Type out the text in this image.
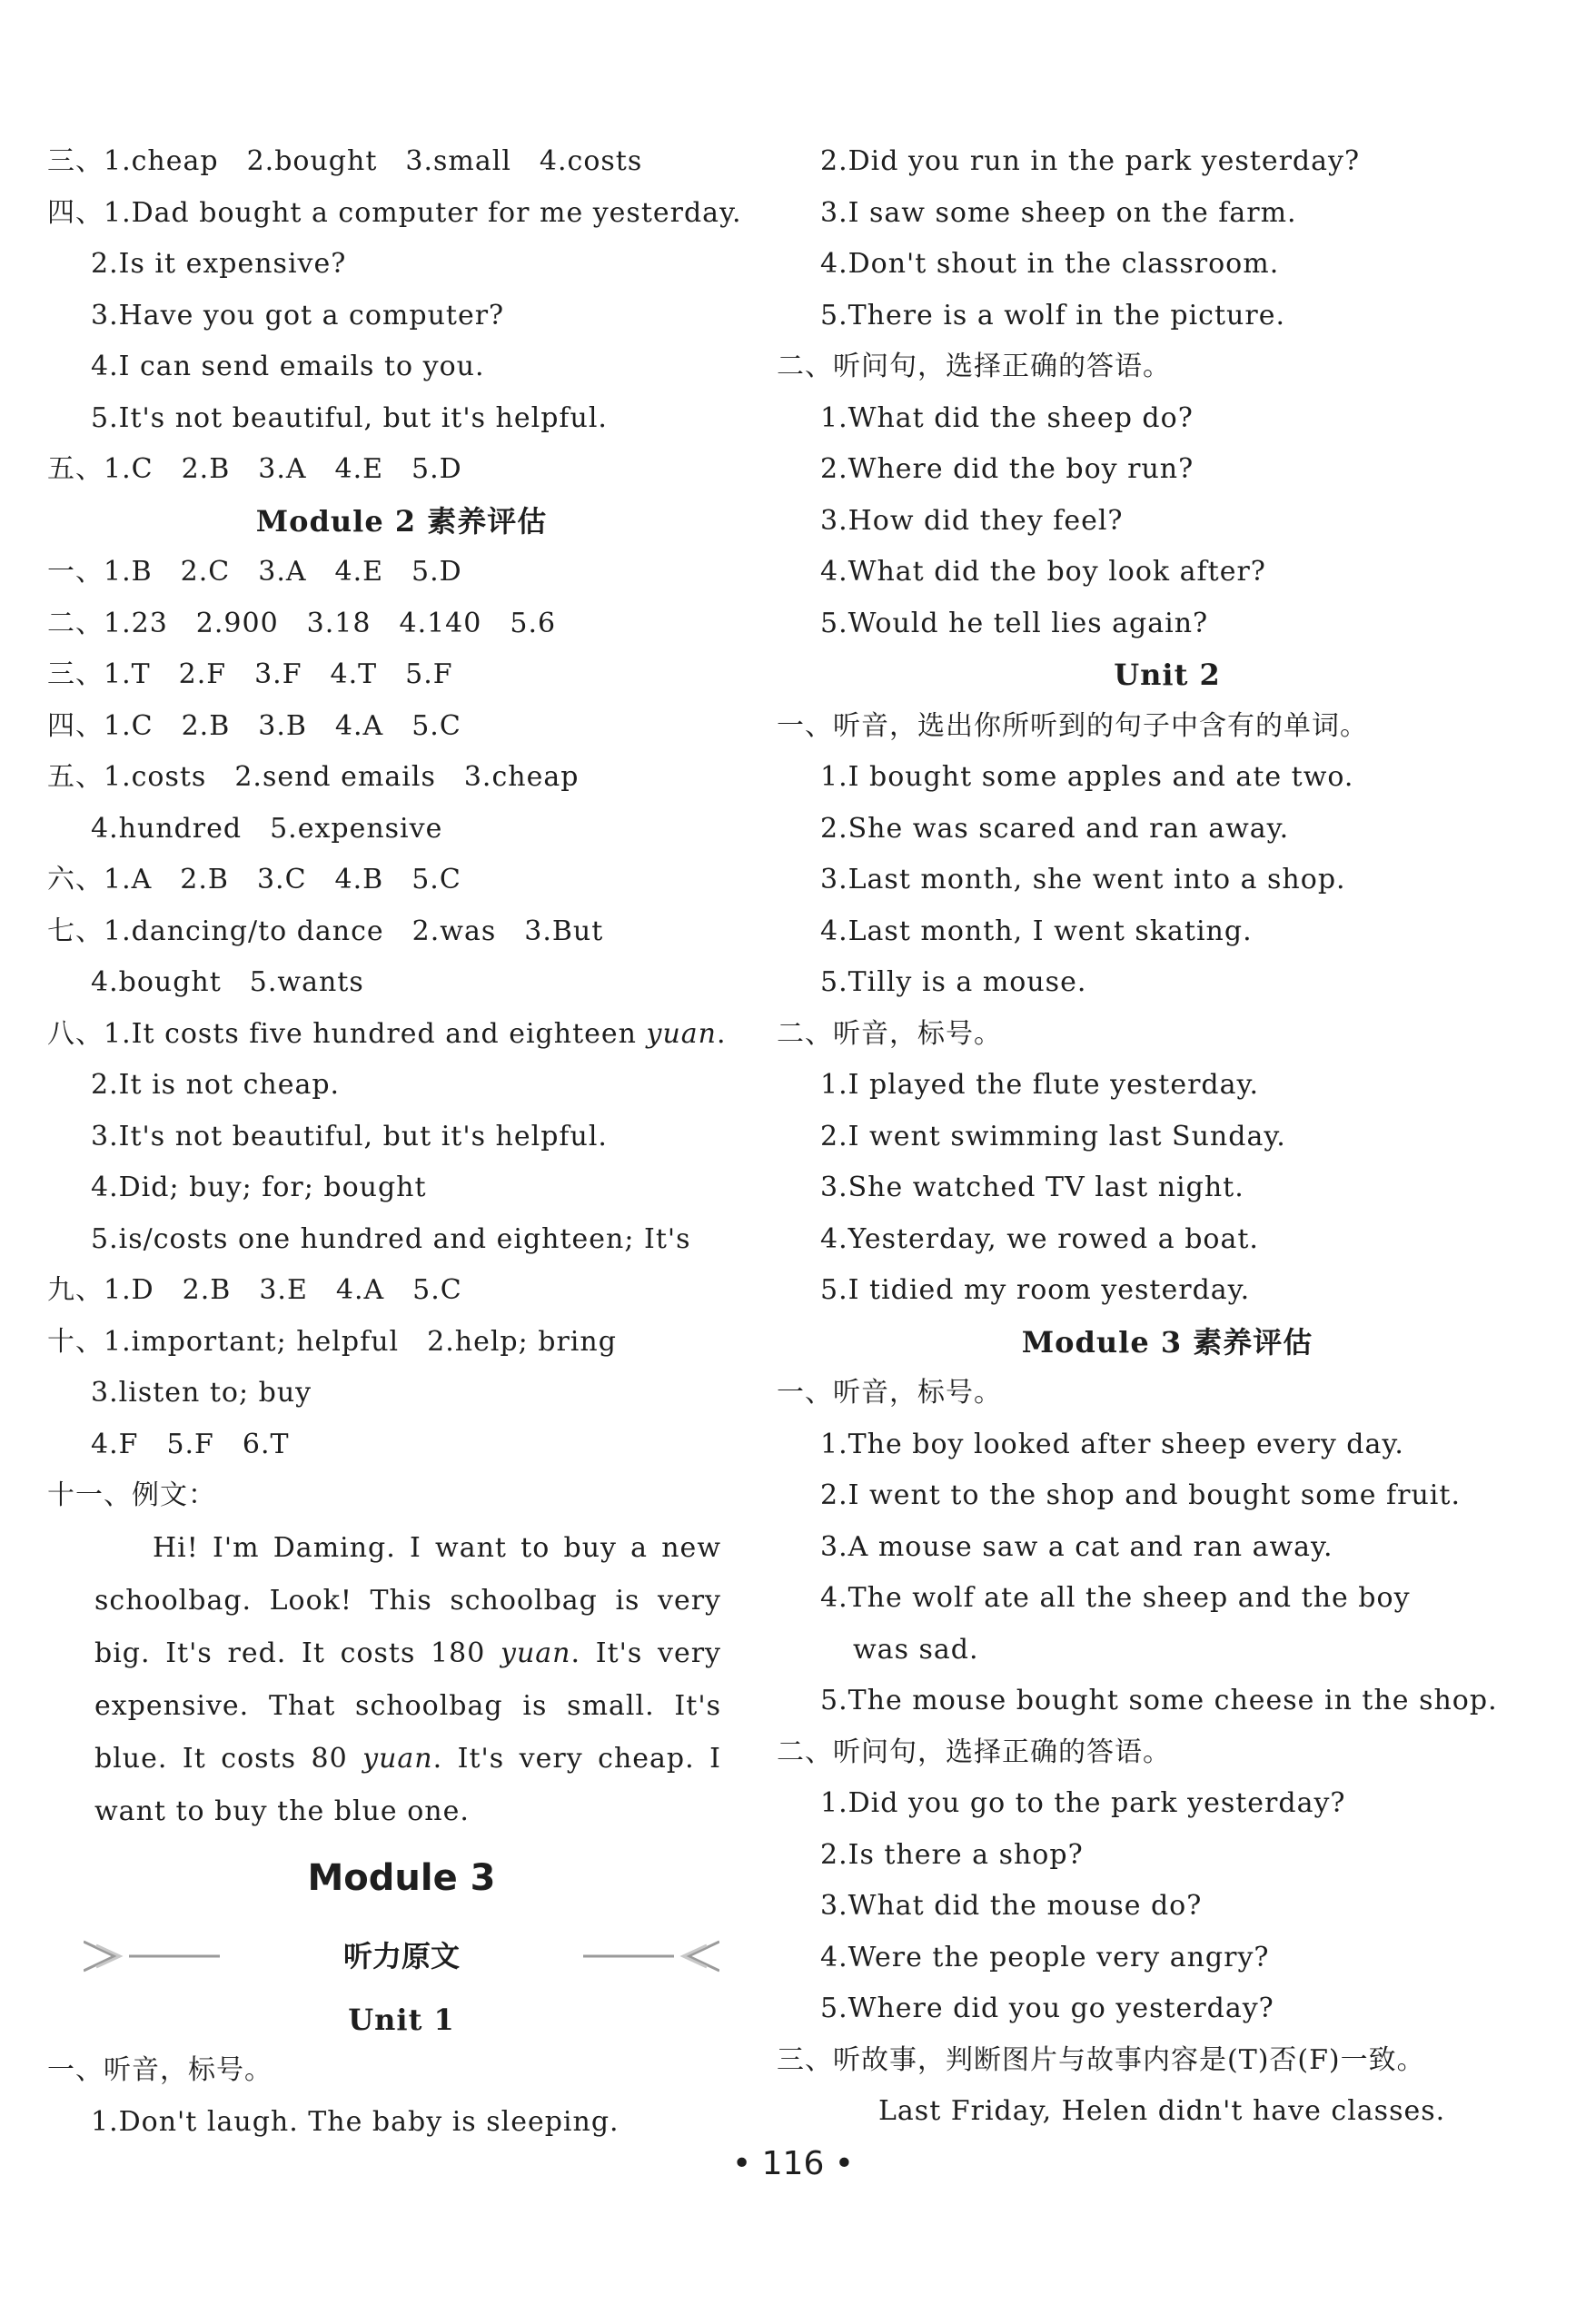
三、1.cheap　2.bought　3.small　4.costs
四、1.Dad bought a computer for me yesterday.
2.Is it expensive?
3.Have you got a computer?
4.I can send emails to you.
5.It's not beautiful, but it's helpful.
五、1.C　2.B　3.A　4.E　5.D
Module 2 素养评估
一、1.B　2.C　3.A　4.E　5.D
二、1.23　2.900　3.18　4.140　5.6
三、1.T　2.F　3.F　4.T　5.F
四、1.C　2.B　3.B　4.A　5.C
五、1.costs　2.send emails　3.cheap
4.hundred　5.expensive
六、1.A　2.B　3.C　4.B　5.C
七、1.dancing/to dance　2.was　3.But
4.bought　5.wants
八、1.It costs five hundred and eighteen yuan.
2.It is not cheap.
3.It's not beautiful, but it's helpful.
4.Did; buy; for; bought
5.is/costs one hundred and eighteen; It's
九、1.D　2.B　3.E　4.A　5.C
十、1.important; helpful　2.help; bring
3.listen to; buy
4.F　5.F　6.T
十一、例文：
Hi! I'm Daming. I want to buy a new schoolbag. Look! This schoolbag is very big. It's red. It costs 180 yuan. It's very expensive. That schoolbag is small. It's blue. It costs 80 yuan. It's very cheap. I want to buy the blue one.
Module 3
听力原文
Unit 1
一、听音，标号。
1.Don't laugh. The baby is sleeping.
2.Did you run in the park yesterday?
3.I saw some sheep on the farm.
4.Don't shout in the classroom.
5.There is a wolf in the picture.
二、听问句，选择正确的答语。
1.What did the sheep do?
2.Where did the boy run?
3.How did they feel?
4.What did the boy look after?
5.Would he tell lies again?
Unit 2
一、听音，选出你所听到的句子中含有的单词。
1.I bought some apples and ate two.
2.She was scared and ran away.
3.Last month, she went into a shop.
4.Last month, I went skating.
5.Tilly is a mouse.
二、听音，标号。
1.I played the flute yesterday.
2.I went swimming last Sunday.
3.She watched TV last night.
4.Yesterday, we rowed a boat.
5.I tidied my room yesterday.
Module 3 素养评估
一、听音，标号。
1.The boy looked after sheep every day.
2.I went to the shop and bought some fruit.
3.A mouse saw a cat and ran away.
4.The wolf ate all the sheep and the boy
was sad.
5.The mouse bought some cheese in the shop.
二、听问句，选择正确的答语。
1.Did you go to the park yesterday?
2.Is there a shop?
3.What did the mouse do?
4.Were the people very angry?
5.Where did you go yesterday?
三、听故事，判断图片与故事内容是(T)否(F)一致。
Last Friday, Helen didn't have classes.
• 116 •
